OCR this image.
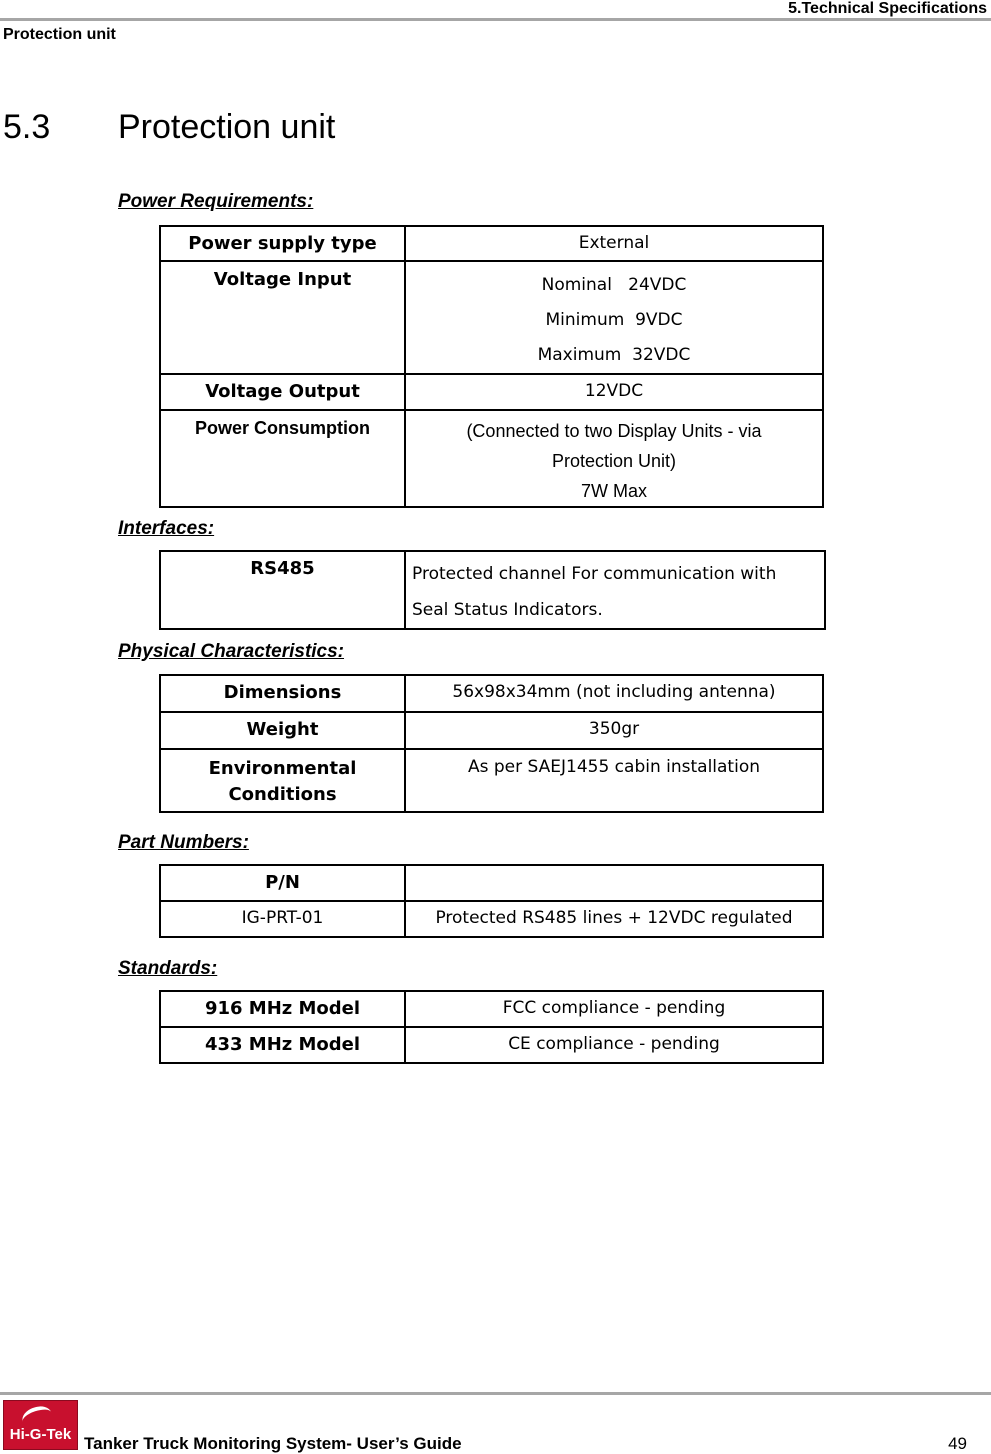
5.Technical Specifications
Protection unit
5.3 Protection unit
Power Requirements:
Power supply type	External
Voltage Input	Nominal   24VDC
Minimum  9VDC
Maximum  32VDC

Voltage Output	12VDC
Power Consumption	(Connected to two Display Units - via
Protection Unit)
7W Max
Interfaces:
RS485	Protected channel For communication with
Seal Status Indicators.
Physical Characteristics:
Dimensions	56x98x34mm (not including antenna)
Weight	350gr

Environmental
Conditions	As per SAEJ1455 cabin installation
Part Numbers:
P/N	
IG-PRT-01	Protected RS485 lines + 12VDC regulated
Standards:
916 MHz Model	FCC compliance - pending
433 MHz Model	CE compliance - pending
Hi-G-Tek Tanker Truck Monitoring System- User’s Guide	49
